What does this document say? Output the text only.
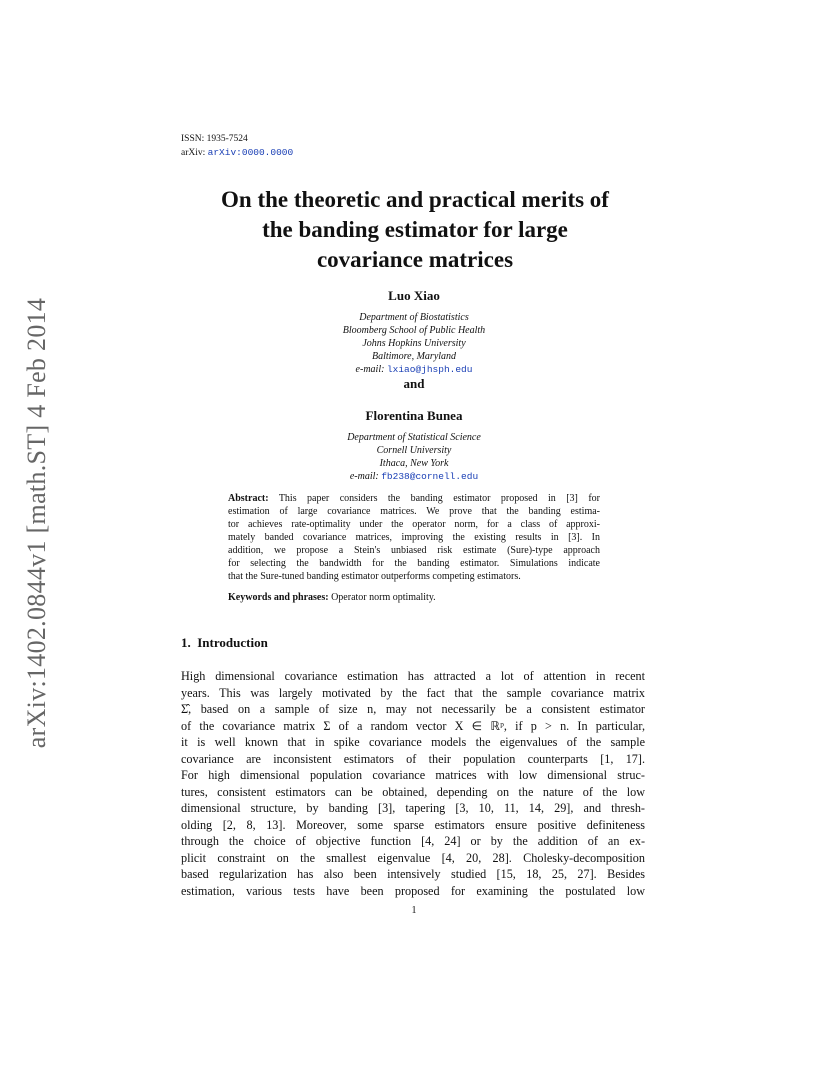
arXiv:1402.0844v1 [math.ST] 4 Feb 2014
ISSN: 1935-7524
arXiv: arXiv:0000.0000
On the theoretic and practical merits of
the banding estimator for large
covariance matrices
Luo Xiao
Department of Biostatistics
Bloomberg School of Public Health
Johns Hopkins University
Baltimore, Maryland
e-mail: lxiao@jhsph.edu
and
Florentina Bunea
Department of Statistical Science
Cornell University
Ithaca, New York
e-mail: fb238@cornell.edu
Abstract: This paper considers the banding estimator proposed in [3] for
estimation of large covariance matrices. We prove that the banding estima-
tor achieves rate-optimality under the operator norm, for a class of approxi-
mately banded covariance matrices, improving the existing results in [3]. In
addition, we propose a Stein's unbiased risk estimate (Sure)-type approach
for selecting the bandwidth for the banding estimator. Simulations indicate
that the Sure-tuned banding estimator outperforms competing estimators.
Keywords and phrases: Operator norm optimality.
1. Introduction
High dimensional covariance estimation has attracted a lot of attention in recent
years. This was largely motivated by the fact that the sample covariance matrix
Σ̂, based on a sample of size n, may not necessarily be a consistent estimator
of the covariance matrix Σ of a random vector X ∈ ℝᵖ, if p > n. In particular,
it is well known that in spike covariance models the eigenvalues of the sample
covariance are inconsistent estimators of their population counterparts [1, 17].
For high dimensional population covariance matrices with low dimensional struc-
tures, consistent estimators can be obtained, depending on the nature of the low
dimensional structure, by banding [3], tapering [3, 10, 11, 14, 29], and thresh-
olding [2, 8, 13]. Moreover, some sparse estimators ensure positive definiteness
through the choice of objective function [4, 24] or by the addition of an ex-
plicit constraint on the smallest eigenvalue [4, 20, 28]. Cholesky-decomposition
based regularization has also been intensively studied [15, 18, 25, 27]. Besides
estimation, various tests have been proposed for examining the postulated low
1
